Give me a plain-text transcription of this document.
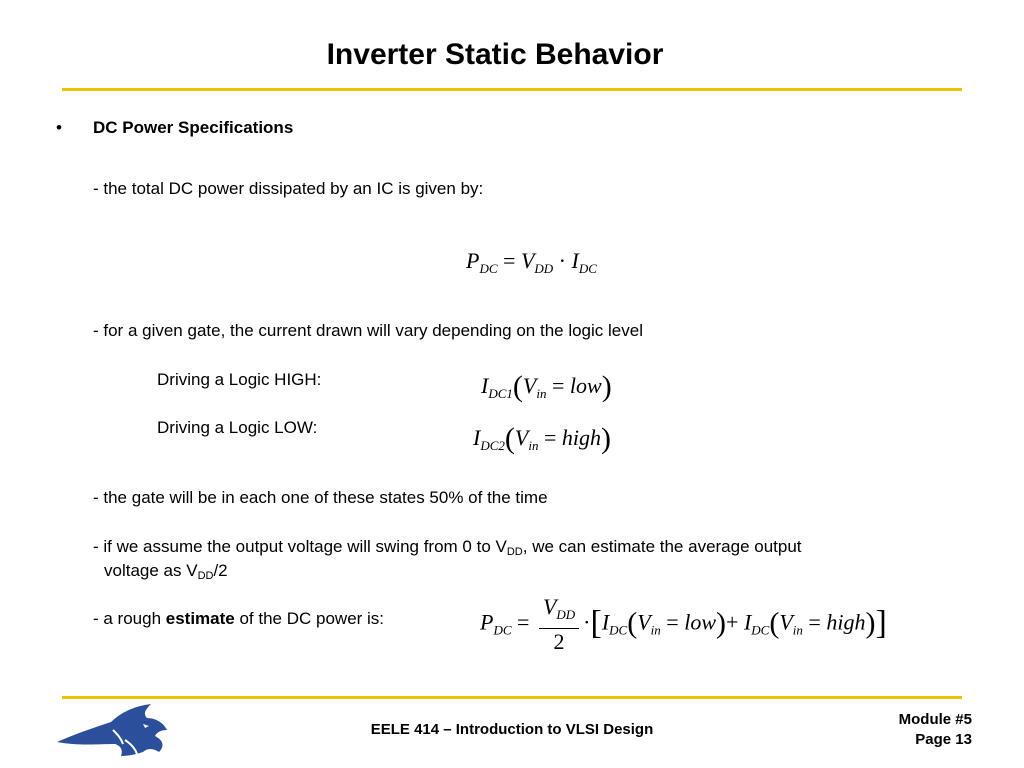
Inverter Static Behavior
• DC Power Specifications
- the total DC power dissipated by an IC is given by:
$P_{DC} = V_{DD} \cdot I_{DC}$
- for a given gate, the current drawn will vary depending on the logic level
Driving a Logic HIGH:	$I_{DC1}(V_{in} = low)$
Driving a Logic LOW:	$I_{DC2}(V_{in}$ = high)
- the gate will be in each one of these states 50% of the time
- if we assume the output voltage will swing from 0 to $V_{DD}$, we can estimate the average output
voltage as $V_{DD}/2$
- a rough estimate of the DC power is:	$P_{DC} = \frac{V_{DD}}{2} \cdot[I_{DC}(V_{in} = low)+ I_{DC}(V_{in}$ = high)]
EELE 414 – Introduction to VLSI Design
Module #5
Page 13
